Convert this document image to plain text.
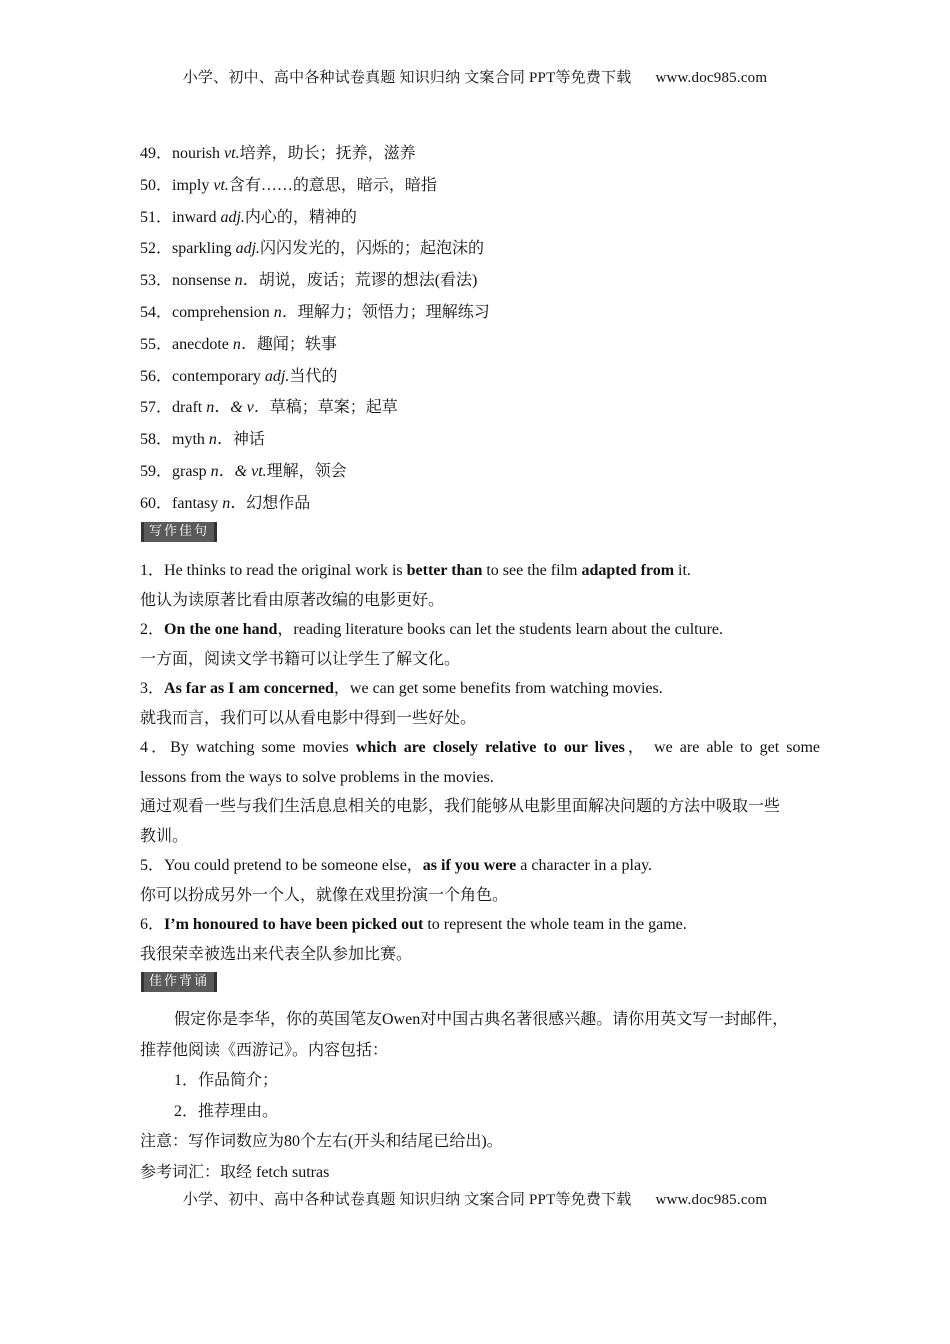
小学、初中、高中各种试卷真题 知识归纳 文案合同 PPT等免费下载 www.doc985.com
49．nourish vt.培养，助长；抚养，滋养
50．imply vt.含有……的意思，暗示，暗指
51．inward adj.内心的，精神的
52．sparkling adj.闪闪发光的，闪烁的；起泡沫的
53．nonsense n．胡说，废话；荒谬的想法(看法)
54．comprehension n．理解力；领悟力；理解练习
55．anecdote n．趣闻；轶事
56．contemporary adj.当代的
57．draft n．& v．草稿；草案；起草
58．myth n．神话
59．grasp n．& vt.理解，领会
60．fantasy n．幻想作品
写作佳句
1．He thinks to read the original work is better than to see the film adapted from it.
他认为读原著比看由原著改编的电影更好。
2．On the one hand，reading literature books can let the students learn about the culture.
一方面，阅读文学书籍可以让学生了解文化。
3．As far as I am concerned，we can get some benefits from watching movies.
就我而言，我们可以从看电影中得到一些好处。
4．By watching some movies which are closely relative to our lives， we are able to get some
lessons from the ways to solve problems in the movies.
通过观看一些与我们生活息息相关的电影，我们能够从电影里面解决问题的方法中吸取一些
教训。
5．You could pretend to be someone else，as if you were a character in a play.
你可以扮成另外一个人，就像在戏里扮演一个角色。
6．I’m honoured to have been picked out to represent the whole team in the game.
我很荣幸被选出来代表全队参加比赛。
佳作背诵
假定你是李华，你的英国笔友Owen对中国古典名著很感兴趣。请你用英文写一封邮件，
推荐他阅读《西游记》。内容包括：
1．作品简介；
2．推荐理由。
注意：写作词数应为80个左右(开头和结尾已给出)。
参考词汇：取经 fetch sutras
小学、初中、高中各种试卷真题 知识归纳 文案合同 PPT等免费下载 www.doc985.com
